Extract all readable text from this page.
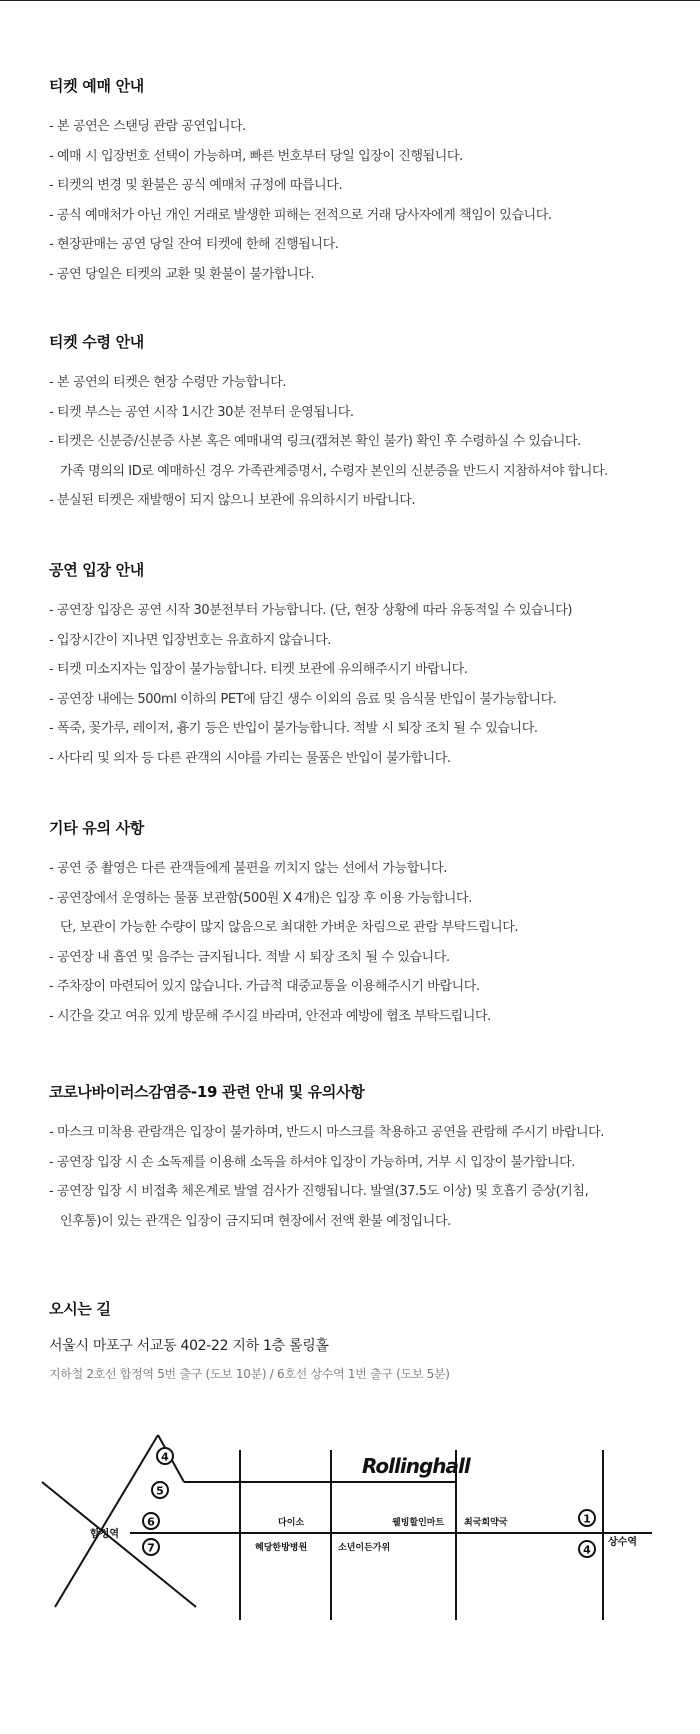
티켓 예매 안내
- 본 공연은 스탠딩 관람 공연입니다.
- 예매 시 입장번호 선택이 가능하며, 빠른 번호부터 당일 입장이 진행됩니다.
- 티켓의 변경 및 환불은 공식 예매처 규정에 따릅니다.
- 공식 예매처가 아닌 개인 거래로 발생한 피해는 전적으로 거래 당사자에게 책임이 있습니다.
- 현장판매는 공연 당일 잔여 티켓에 한해 진행됩니다.
- 공연 당일은 티켓의 교환 및 환불이 불가합니다.
티켓 수령 안내
- 본 공연의 티켓은 현장 수령만 가능합니다.
- 티켓 부스는 공연 시작 1시간 30분 전부터 운영됩니다.
- 티켓은 신분증/신분증 사본 혹은 예매내역 링크(캡쳐본 확인 불가) 확인 후 수령하실 수 있습니다.
가족 명의의 ID로 예매하신 경우 가족관계증명서, 수령자 본인의 신분증을 반드시 지참하셔야 합니다.
- 분실된 티켓은 재발행이 되지 않으니 보관에 유의하시기 바랍니다.
공연 입장 안내
- 공연장 입장은 공연 시작 30분전부터 가능합니다. (단, 현장 상황에 따라 유동적일 수 있습니다)
- 입장시간이 지나면 입장번호는 유효하지 않습니다.
- 티켓 미소지자는 입장이 불가능합니다. 티켓 보관에 유의해주시기 바랍니다.
- 공연장 내에는 500ml 이하의 PET에 담긴 생수 이외의 음료 및 음식물 반입이 불가능합니다.
- 폭죽, 꽃가루, 레이저, 흉기 등은 반입이 불가능합니다. 적발 시 퇴장 조치 될 수 있습니다.
- 사다리 및 의자 등 다른 관객의 시야를 가리는 물품은 반입이 불가합니다.
기타 유의 사항
- 공연 중 촬영은 다른 관객들에게 불편을 끼치지 않는 선에서 가능합니다.
- 공연장에서 운영하는 물품 보관함(500원 X 4개)은 입장 후 이용 가능합니다.
단, 보관이 가능한 수량이 많지 않음으로 최대한 가벼운 차림으로 관람 부탁드립니다.
- 공연장 내 흡연 및 음주는 금지됩니다. 적발 시 퇴장 조치 될 수 있습니다.
- 주차장이 마련되어 있지 않습니다. 가급적 대중교통을 이용해주시기 바랍니다.
- 시간을 갖고 여유 있게 방문해 주시길 바라며, 안전과 예방에 협조 부탁드립니다.
코로나바이러스감염증-19 관련 안내 및 유의사항
- 마스크 미착용 관람객은 입장이 불가하며, 반드시 마스크를 착용하고 공연을 관람해 주시기 바랍니다.
- 공연장 입장 시 손 소독제를 이용해 소독을 하셔야 입장이 가능하며, 거부 시 입장이 불가합니다.
- 공연장 입장 시 비접촉 체온계로 발열 검사가 진행됩니다. 발열(37.5도 이상) 및 호흡기 증상(기침,
인후통)이 있는 관객은 입장이 금지되며 현장에서 전액 환불 예정입니다.
오시는 길
서울시 마포구 서교동 402-22 지하 1층 롤링홀
지하철 2호선 합정역 5번 출구 (도보 10분) / 6호선 상수역 1번 출구 (도보 5분)
Rollinghall
합정역
상수역
4
5
6
7
1
4
다이소	웰빙할인마트 최국희약국
혜당한방병원	소년이든가위
